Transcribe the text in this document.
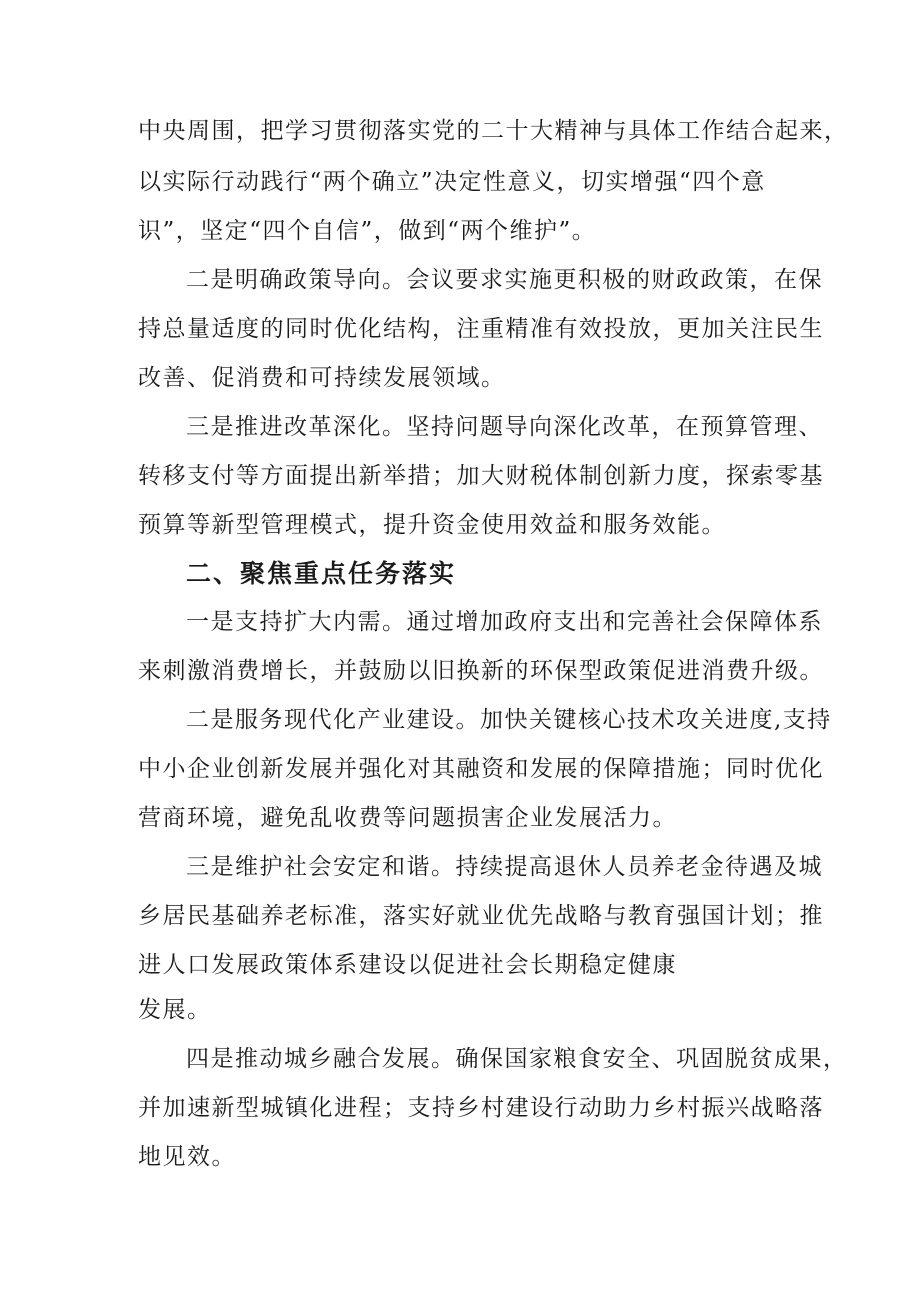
中央周围，把学习贯彻落实党的二十大精神与具体工作结合起来，
以实际行动践行“两个确立”决定性意义，切实增强“四个意
识”，坚定“四个自信”，做到“两个维护”。
二是明确政策导向。会议要求实施更积极的财政政策，在保
持总量适度的同时优化结构，注重精准有效投放，更加关注民生
改善、促消费和可持续发展领域。
三是推进改革深化。坚持问题导向深化改革，在预算管理、
转移支付等方面提出新举措；加大财税体制创新力度，探索零基
预算等新型管理模式，提升资金使用效益和服务效能。
二、聚焦重点任务落实
一是支持扩大内需。通过增加政府支出和完善社会保障体系
来刺激消费增长，并鼓励以旧换新的环保型政策促进消费升级。
二是服务现代化产业建设。加快关键核心技术攻关进度,支持
中小企业创新发展并强化对其融资和发展的保障措施；同时优化
营商环境，避免乱收费等问题损害企业发展活力。
三是维护社会安定和谐。持续提高退休人员养老金待遇及城
乡居民基础养老标准，落实好就业优先战略与教育强国计划；推
进人口发展政策体系建设以促进社会长期稳定健康
发展。
四是推动城乡融合发展。确保国家粮食安全、巩固脱贫成果，
并加速新型城镇化进程；支持乡村建设行动助力乡村振兴战略落
地见效。
